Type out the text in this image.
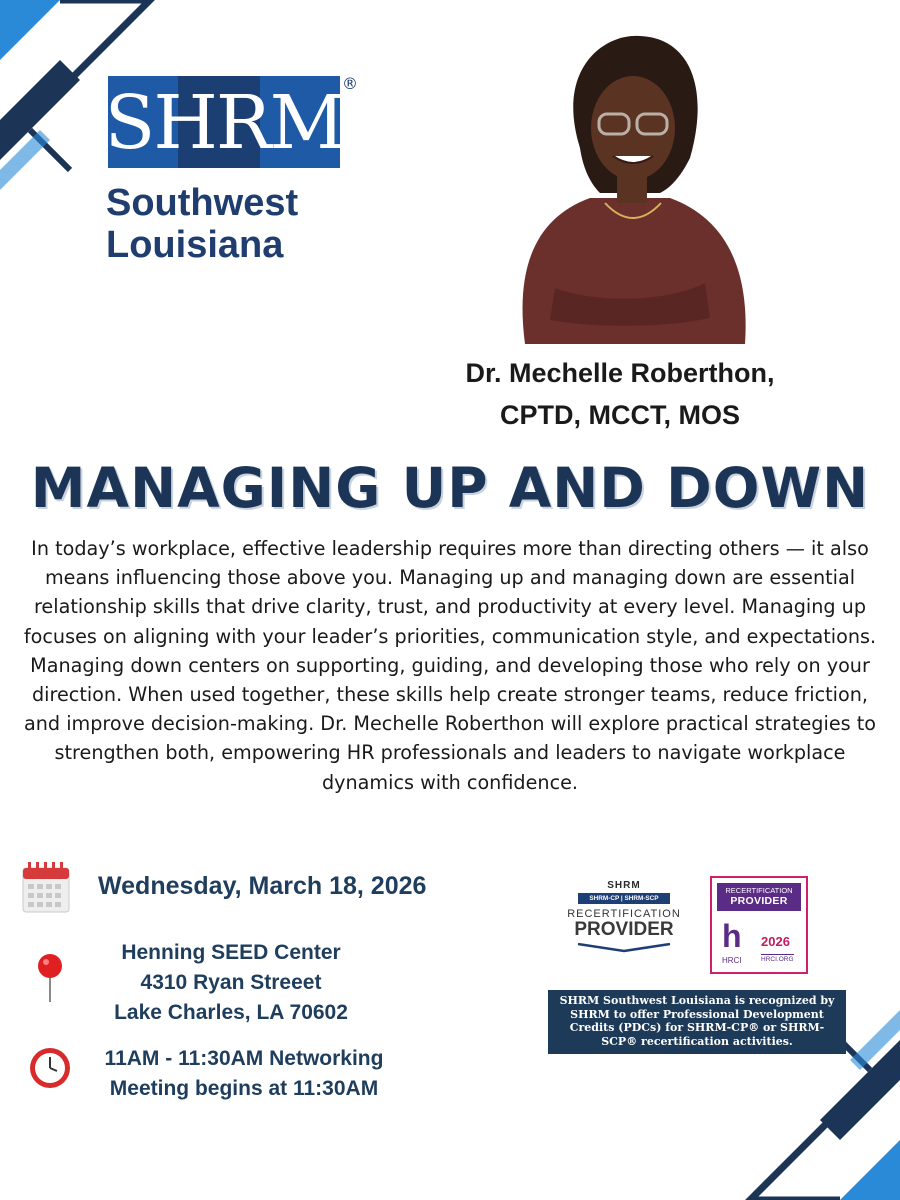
SHRM
®
Southwest
Louisiana
Dr. Mechelle Roberthon,
CPTD, MCCT, MOS
MANAGING UP AND DOWN
In today’s workplace, effective leadership requires more than directing others — it also means influencing those above you. Managing up and managing down are essential relationship skills that drive clarity, trust, and productivity at every level. Managing up focuses on aligning with your leader’s priorities, communication style, and expectations. Managing down centers on supporting, guiding, and developing those who rely on your direction. When used together, these skills help create stronger teams, reduce friction, and improve decision-making. Dr. Mechelle Roberthon will explore practical strategies to strengthen both, empowering HR professionals and leaders to navigate workplace dynamics with confidence.
Wednesday, March 18, 2026
Henning SEED Center
4310 Ryan Streeet
Lake Charles, LA 70602
11AM - 11:30AM Networking
Meeting begins at 11:30AM
SHRM
SHRM-CP | SHRM-SCP
RECERTIFICATION
PROVIDER
RECERTIFICATION
PROVIDER
h
HRCI
2026
HRCI.ORG
SHRM Southwest Louisiana is recognized by SHRM to offer Professional Development Credits (PDCs) for SHRM-CP® or SHRM-SCP® recertification activities.
